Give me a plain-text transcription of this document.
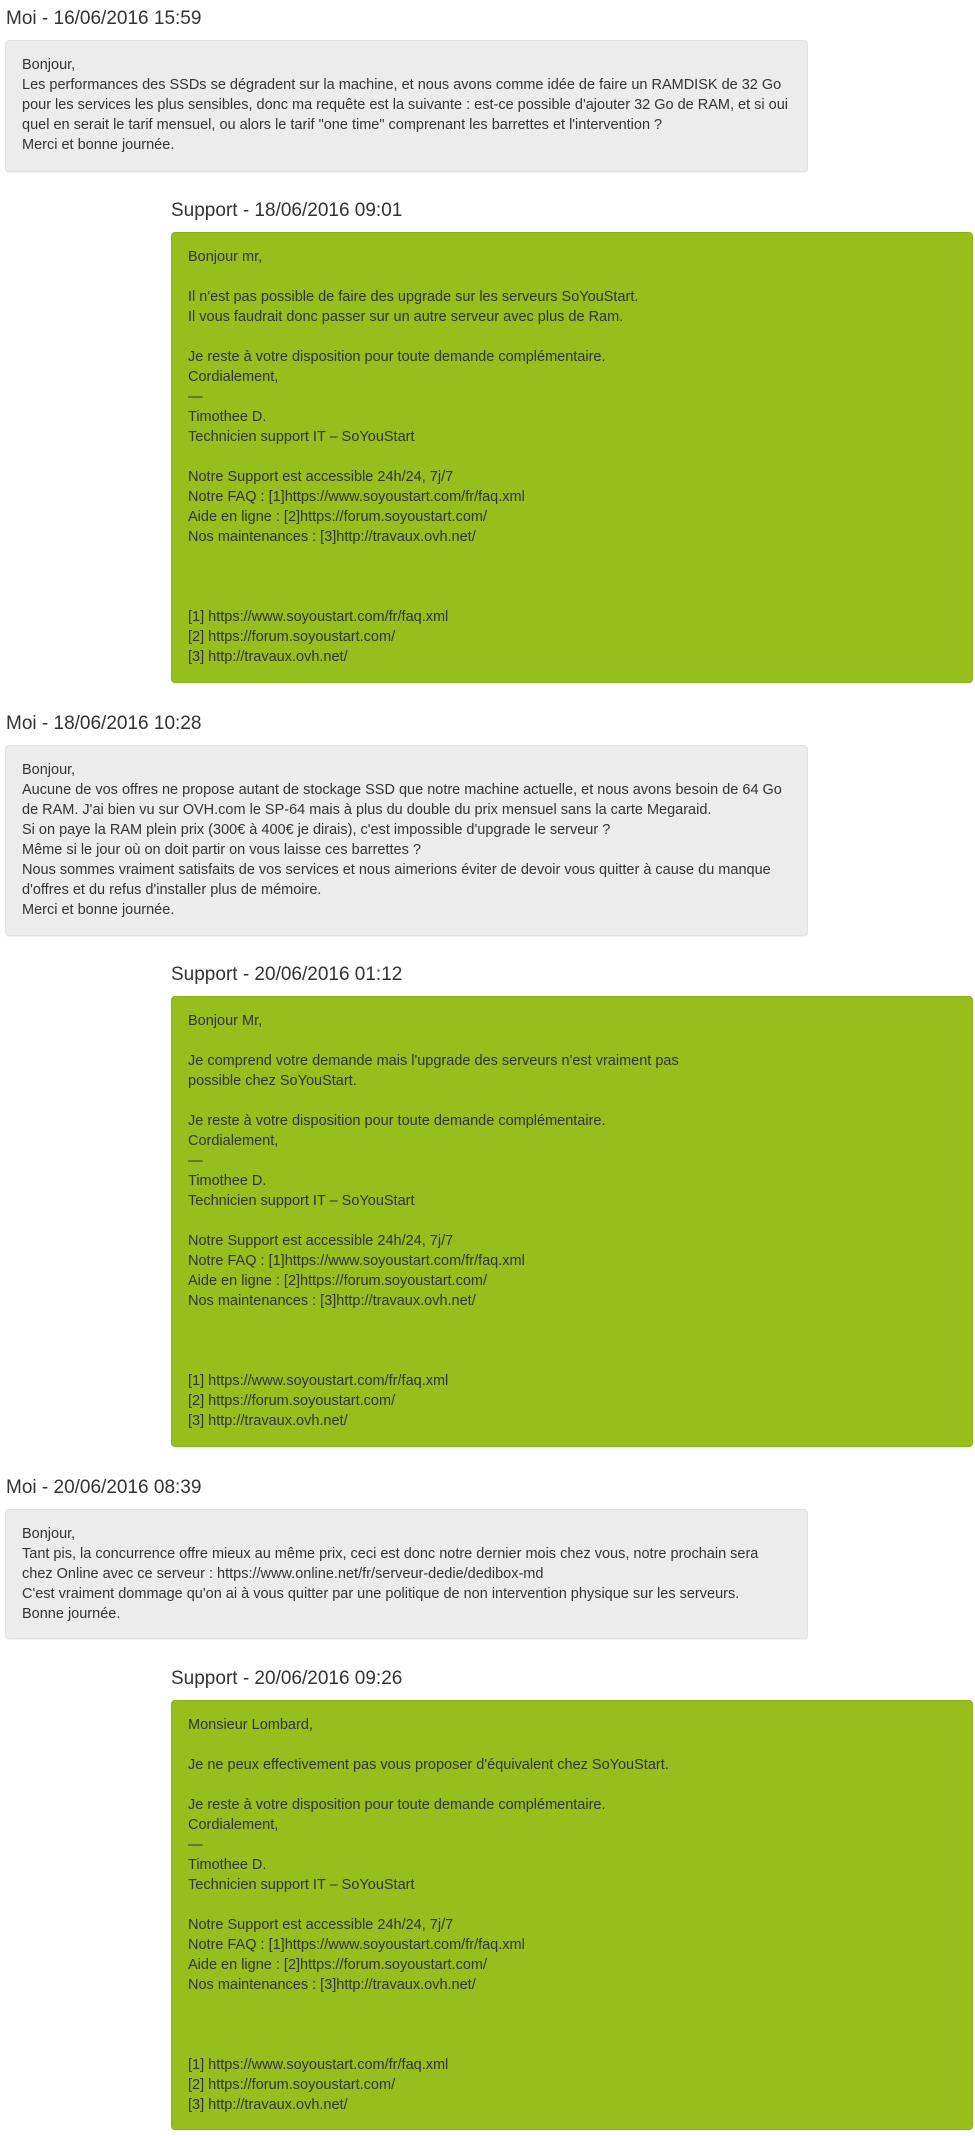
Moi - 16/06/2016 15:59
Bonjour,
Les performances des SSDs se dégradent sur la machine, et nous avons comme idée de faire un RAMDISK de 32 Go
pour les services les plus sensibles, donc ma requête est la suivante : est-ce possible d'ajouter 32 Go de RAM, et si oui
quel en serait le tarif mensuel, ou alors le tarif "one time" comprenant les barrettes et l'intervention ?
Merci et bonne journée.
Support - 18/06/2016 09:01
Bonjour mr,
Il n'est pas possible de faire des upgrade sur les serveurs SoYouStart.
Il vous faudrait donc passer sur un autre serveur avec plus de Ram.
Je reste à votre disposition pour toute demande complémentaire.
Cordialement,
—
Timothee D.
Technicien support IT – SoYouStart
Notre Support est accessible 24h/24, 7j/7
Notre FAQ : [1]https://www.soyoustart.com/fr/faq.xml
Aide en ligne : [2]https://forum.soyoustart.com/
Nos maintenances : [3]http://travaux.ovh.net/
[1] https://www.soyoustart.com/fr/faq.xml
[2] https://forum.soyoustart.com/
[3] http://travaux.ovh.net/
Moi - 18/06/2016 10:28
Bonjour,
Aucune de vos offres ne propose autant de stockage SSD que notre machine actuelle, et nous avons besoin de 64 Go
de RAM. J'ai bien vu sur OVH.com le SP-64 mais à plus du double du prix mensuel sans la carte Megaraid.
Si on paye la RAM plein prix (300€ à 400€ je dirais), c'est impossible d'upgrade le serveur ?
Même si le jour où on doit partir on vous laisse ces barrettes ?
Nous sommes vraiment satisfaits de vos services et nous aimerions éviter de devoir vous quitter à cause du manque
d'offres et du refus d'installer plus de mémoire.
Merci et bonne journée.
Support - 20/06/2016 01:12
Bonjour Mr,
Je comprend votre demande mais l'upgrade des serveurs n'est vraiment pas
possible chez SoYouStart.
Je reste à votre disposition pour toute demande complémentaire.
Cordialement,
—
Timothee D.
Technicien support IT – SoYouStart
Notre Support est accessible 24h/24, 7j/7
Notre FAQ : [1]https://www.soyoustart.com/fr/faq.xml
Aide en ligne : [2]https://forum.soyoustart.com/
Nos maintenances : [3]http://travaux.ovh.net/
[1] https://www.soyoustart.com/fr/faq.xml
[2] https://forum.soyoustart.com/
[3] http://travaux.ovh.net/
Moi - 20/06/2016 08:39
Bonjour,
Tant pis, la concurrence offre mieux au même prix, ceci est donc notre dernier mois chez vous, notre prochain sera
chez Online avec ce serveur : https://www.online.net/fr/serveur-dedie/dedibox-md
C'est vraiment dommage qu'on ai à vous quitter par une politique de non intervention physique sur les serveurs.
Bonne journée.
Support - 20/06/2016 09:26
Monsieur Lombard,
Je ne peux effectivement pas vous proposer d'équivalent chez SoYouStart.
Je reste à votre disposition pour toute demande complémentaire.
Cordialement,
—
Timothee D.
Technicien support IT – SoYouStart
Notre Support est accessible 24h/24, 7j/7
Notre FAQ : [1]https://www.soyoustart.com/fr/faq.xml
Aide en ligne : [2]https://forum.soyoustart.com/
Nos maintenances : [3]http://travaux.ovh.net/
[1] https://www.soyoustart.com/fr/faq.xml
[2] https://forum.soyoustart.com/
[3] http://travaux.ovh.net/
